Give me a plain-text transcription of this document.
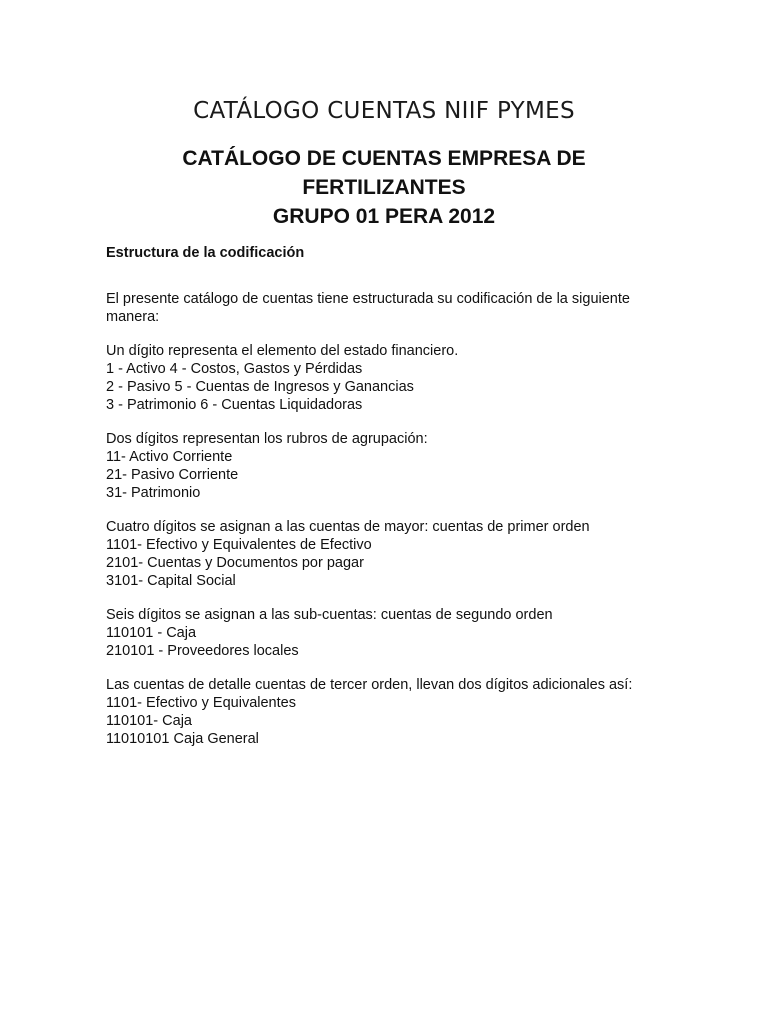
CATÁLOGO CUENTAS NIIF PYMES
CATÁLOGO DE CUENTAS EMPRESA DE
FERTILIZANTES
GRUPO 01 PERA 2012
Estructura de la codificación

El presente catálogo de cuentas tiene estructurada su codificación de la siguiente
manera:

Un dígito representa el elemento del estado financiero.
1 - Activo 4 - Costos, Gastos y Pérdidas
2 - Pasivo 5 - Cuentas de Ingresos y Ganancias
3 - Patrimonio 6 - Cuentas Liquidadoras

Dos dígitos representan los rubros de agrupación:
11- Activo Corriente
21- Pasivo Corriente
31- Patrimonio

Cuatro dígitos se asignan a las cuentas de mayor: cuentas de primer orden
1101- Efectivo y Equivalentes de Efectivo
2101- Cuentas y Documentos por pagar
3101- Capital Social

Seis dígitos se asignan a las sub-cuentas: cuentas de segundo orden
110101 - Caja
210101 - Proveedores locales

Las cuentas de detalle cuentas de tercer orden, llevan dos dígitos adicionales así:
1101- Efectivo y Equivalentes
110101- Caja
11010101 Caja General
